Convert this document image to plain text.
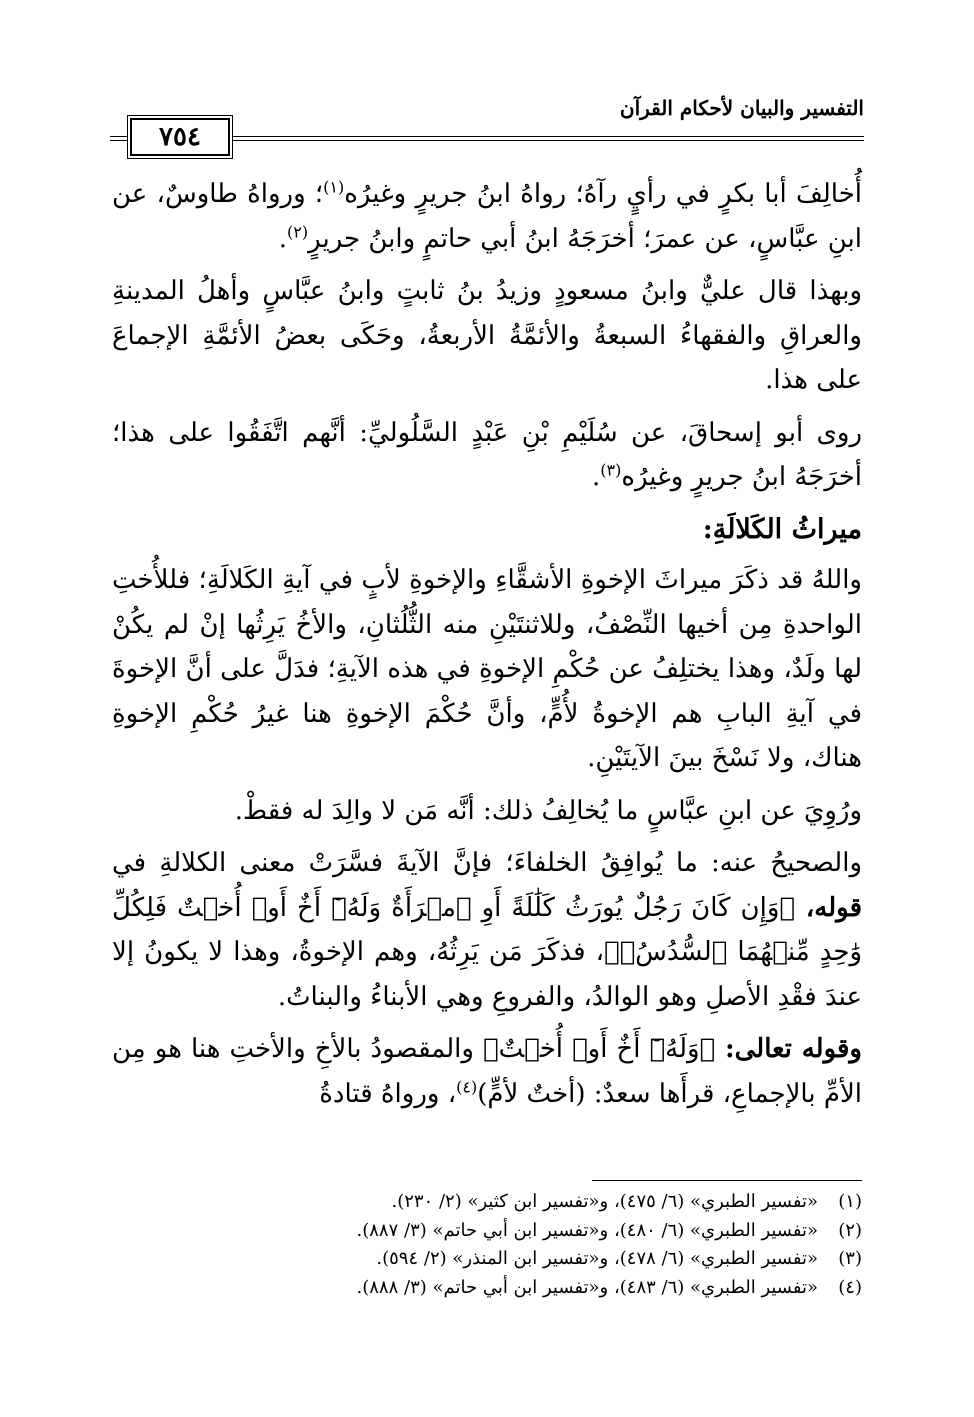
التفسير والبيان لأحكام القرآن
٧٥٤

أُخالِفَ أبا بكرٍ في رأيٍ رآهُ؛ رواهُ ابنُ جريرٍ وغيرُه$^{(١)}$؛ ورواهُ طاوسٌ، عن ابنِ عبَّاسٍ، عن عمرَ؛ أخرَجَهُ ابنُ أبي حاتمٍ وابنُ جريرٍ$^{(٢)}$.

وبهذا قال عليٌّ وابنُ مسعودٍ وزيدُ بنُ ثابتٍ وابنُ عبَّاسٍ وأهلُ المدينةِ والعراقِ والفقهاءُ السبعةُ والأئمَّةُ الأربعةُ، وحَكَى بعضُ الأئمَّةِ الإجماعَ على هذا.

روى أبو إسحاقَ، عن سُلَيْمِ بْنِ عَبْدٍ السَّلُوليِّ: أنَّهم اتَّفَقُوا على هذا؛ أخرَجَهُ ابنُ جريرٍ وغيرُه$^{(٣)}$.

ميراثُ الكَلالَةِ:

واللهُ قد ذكَرَ ميراثَ الإخوةِ الأشقَّاءِ والإخوةِ لأبٍ في آيةِ الكَلالَةِ؛ فللأُختِ الواحدةِ مِن أخيها النِّصْفُ، وللاثنتَيْنِ منه الثُّلُثانِ، والأخُ يَرِثُها إنْ لم يكُنْ لها ولَدٌ، وهذا يختلِفُ عن حُكْمِ الإخوةِ في هذه الآيةِ؛ فدَلَّ على أنَّ الإخوةَ في آيةِ البابِ هم الإخوةُ لأُمٍّ، وأنَّ حُكْمَ الإخوةِ هنا غيرُ حُكْمِ الإخوةِ هناك، ولا نَسْخَ بينَ الآيتَيْنِ.

ورُوِيَ عن ابنِ عبَّاسٍ ما يُخالِفُ ذلك: أنَّه مَن لا والِدَ له فقطْ.

والصحيحُ عنه: ما يُوافِقُ الخلفاءَ؛ فإنَّ الآيةَ فسَّرَتْ معنى الكلالةِ في قوله، ﴿وَإِن كَانَ رَجُلٌ يُورَثُ كَلَٰلَةً أَوِ ٱمۡرَأَةٌ وَلَهُۥٓ أَخٌ أَوۡ أُخۡتٌ فَلِكُلِّ وَٰحِدٍ مِّنۡهُمَا ٱلسُّدُسُۚ﴾، فذكَرَ مَن يَرِثُهُ، وهم الإخوةُ، وهذا لا يكونُ إلا عندَ فقْدِ الأصلِ وهو الوالدُ، والفروعِ وهي الأبناءُ والبناتُ.

وقوله تعالى: ﴿وَلَهُۥٓ أَخٌ أَوۡ أُخۡتٌ﴾ والمقصودُ بالأخِ والأختِ هنا هو مِن الأمِّ بالإجماعِ، قرأَها سعدٌ: (أختٌ لأمٍّ)$^{(٤)}$، ورواهُ قتادةُ

(١)
«تفسير الطبري» (٦/ ٤٧٥)، و«تفسير ابن كثير» (٢/ ٢٣٠).
(٢)
«تفسير الطبري» (٦/ ٤٨٠)، و«تفسير ابن أبي حاتم» (٣/ ٨٨٧).
(٣)
«تفسير الطبري» (٦/ ٤٧٨)، و«تفسير ابن المنذر» (٢/ ٥٩٤).
(٤)
«تفسير الطبري» (٦/ ٤٨٣)، و«تفسير ابن أبي حاتم» (٣/ ٨٨٨).
